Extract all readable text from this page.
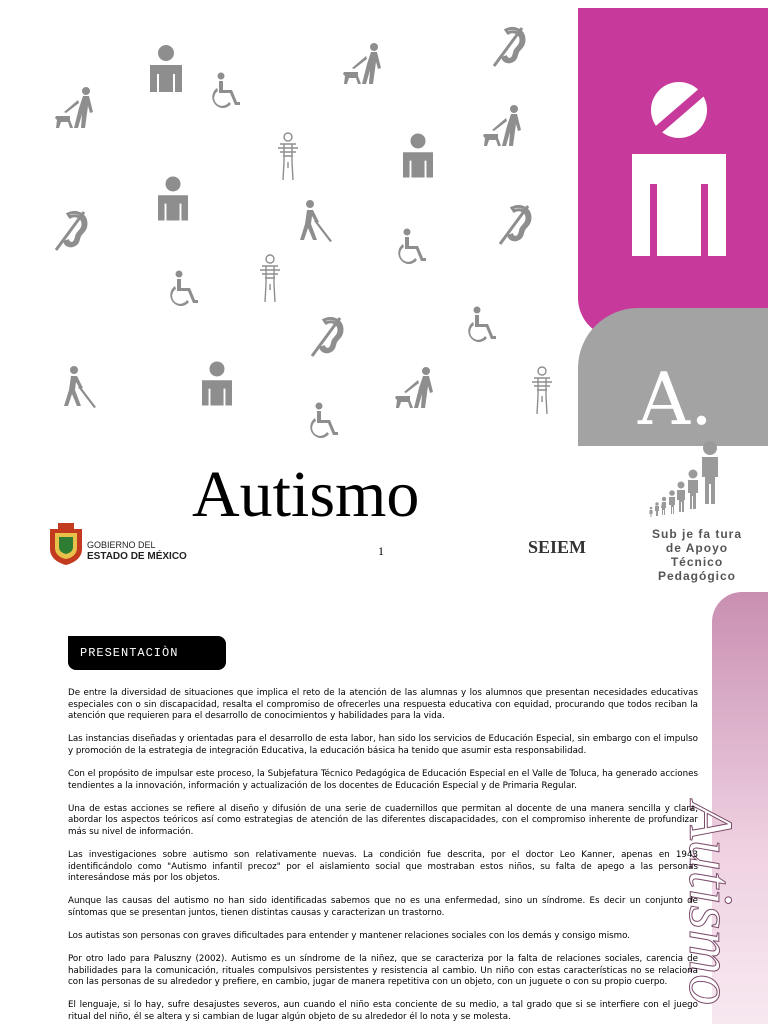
A.
Autismo
1	SEIEM
GOBIERNO DEL
ESTADO DE MÉXICO
Sub je fa tura
de Apoyo
Técnico Pedagógico
Autismo
PRESENTACIÒN

De entre la diversidad de situaciones que implica el reto de la atención de las alumnas y los alumnos que presentan necesidades educativas especiales con o sin discapacidad, resalta el compromiso de ofrecerles una respuesta educativa con equidad, procurando que todos reciban la atención que requieren para el desarrollo de conocimientos y habilidades para la vida.

Las instancias diseñadas y orientadas para el desarrollo de esta labor, han sido los servicios de Educación Especial, sin embargo con el impulso y promoción de la estrategia de integración Educativa, la educación básica ha tenido que asumir esta responsabilidad.

Con el propósito de impulsar este proceso, la Subjefatura Técnico Pedagógica de Educación Especial en el Valle de Toluca, ha generado acciones tendientes a la innovación, información y actualización de los docentes de Educación Especial y de Primaria Regular.

Una de estas acciones se refiere al diseño y difusión de una serie de cuadernillos que permitan al docente de una manera sencilla y clara, abordar los aspectos teóricos así como estrategias de atención de las diferentes discapacidades, con el compromiso inherente de profundizar más su nivel de información.

Las investigaciones sobre autismo son relativamente nuevas. La condición fue descrita, por el doctor Leo Kanner, apenas en 1943 identificándolo como "Autismo infantil precoz" por el aislamiento social que mostraban estos niños, su falta de apego a las personas interesándose más por los objetos.

Aunque las causas del autismo no han sido identificadas sabemos que no es una enfermedad, sino un síndrome. Es decir un conjunto de síntomas que se presentan juntos, tienen distintas causas y caracterizan un trastorno.

Los autistas son personas con graves dificultades para entender y mantener relaciones sociales con los demás y consigo mismo.

Por otro lado para Paluszny (2002). Autismo es un síndrome de la niñez, que se caracteriza por la falta de relaciones sociales, carencia de habilidades para la comunicación, rituales compulsivos persistentes y resistencia al cambio. Un niño con estas características no se relaciona con las personas de su alrededor y prefiere, en cambio, jugar de manera repetitiva con un objeto, con un juguete o con su propio cuerpo.

El lenguaje, si lo hay, sufre desajustes severos, aun cuando el niño esta conciente de su medio, a tal grado que si se interfiere con el juego ritual del niño, él se altera y si cambian de lugar algún objeto de su alrededor él lo nota y se molesta.
